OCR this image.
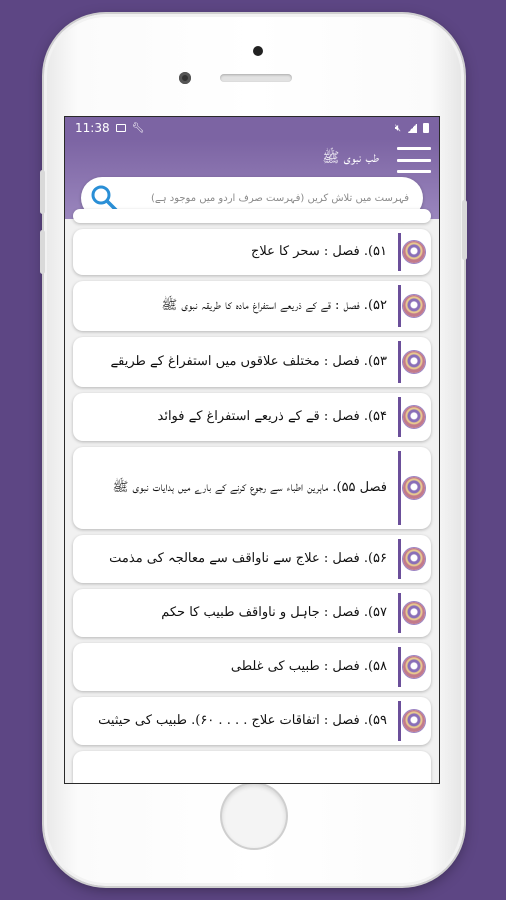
11:38 🔧︎	🔇︎
طب نبوی ﷺ
فہرست میں تلاش کریں (فہرست صرف اردو میں موجود ہے)
۵۱). فصل : سحر کا علاج
۵۲). فصل : قے کے ذریعے استفراغ مادہ کا طریقہ نبوی ﷺ
۵۳). فصل : مختلف علاقوں میں استفراغ کے طریقے
۵۴). فصل : قے کے ذریعے استفراغ کے فوائد
فصل ۵۵). ماہرین اطباء سے رجوع کرنے کے بارے میں ہدایات نبوی ﷺ
۵۶). فصل : علاج سے ناواقف سے معالجہ کی مذمت
۵۷). فصل : جاہل و ناواقف طبیب کا حکم
۵۸). فصل : طبیب کی غلطی
۵۹). فصل : اتفاقات علاج . . . . ۶۰). طبیب کی حیثیت
